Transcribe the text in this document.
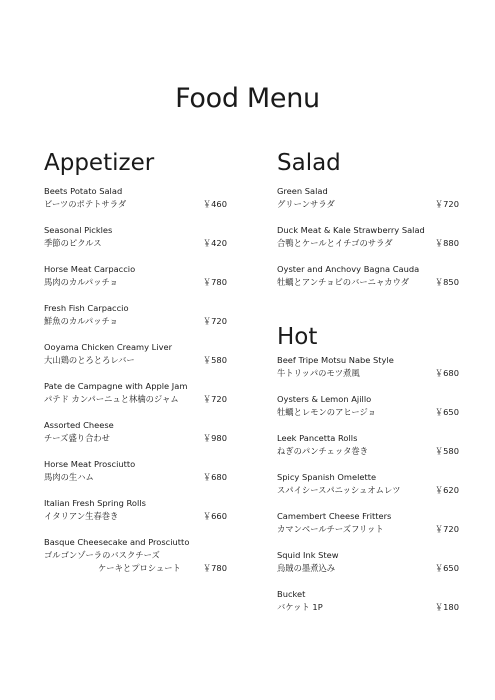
Food Menu
Appetizer
Beets Potato Salad
ビーツのポテトサラダ	￥460
Seasonal Pickles
季節のピクルス	￥420
Horse Meat Carpaccio
馬肉のカルパッチョ	￥780
Fresh Fish Carpaccio
鮮魚のカルパッチョ	￥720
Ooyama Chicken Creamy Liver
大山鶏のとろとろレバー	￥580
Pate de Campagne with Apple Jam
パテド カンパーニュと林檎のジャム	￥720
Assorted Cheese
チーズ盛り合わせ	￥980
Horse Meat Prosciutto
馬肉の生ハム	￥680
Italian Fresh Spring Rolls
イタリアン生春巻き	￥660
Basque Cheesecake and Prosciutto
ゴルゴンゾーラのバスクチーズ
ケーキとプロシュート	￥780
Salad
Green Salad
グリーンサラダ	￥720
Duck Meat & Kale Strawberry Salad
合鴨とケールとイチゴのサラダ	￥880
Oyster and Anchovy Bagna Cauda
牡蠣とアンチョビのバーニャカウダ	￥850
Hot
Beef Tripe Motsu Nabe Style
牛トリッパのモツ煮風	￥680
Oysters & Lemon Ajillo
牡蠣とレモンのアヒージョ	￥650
Leek Pancetta Rolls
ねぎのパンチェッタ巻き	￥580
Spicy Spanish Omelette
スパイシースパニッシュオムレツ	￥620
Camembert Cheese Fritters
カマンベールチーズフリット	￥720
Squid Ink Stew
烏賊の墨煮込み	￥650
Bucket
バケット 1P	￥180
